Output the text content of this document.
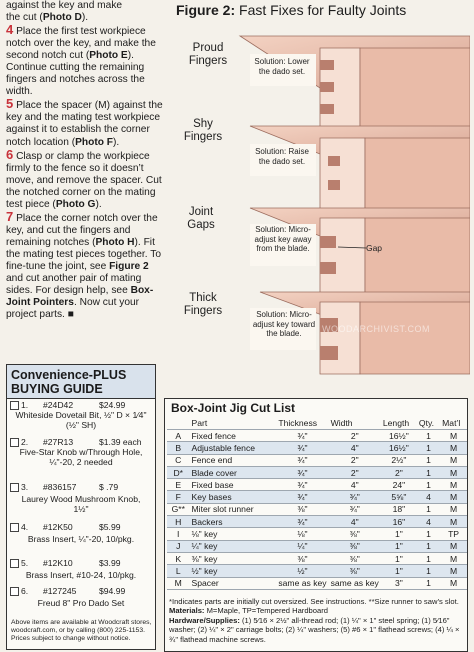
against the key and make
the cut (Photo D).

4 Place the first test workpiece notch over the key, and make the second notch cut (Photo E). Continue cutting the remaining fingers and notches across the width.

5 Place the spacer (M) against the key and the mating test workpiece against it to establish the corner notch location (Photo F).

6 Clasp or clamp the workpiece firmly to the fence so it doesn’t move, and remove the spacer. Cut the notched corner on the mating test piece (Photo G).

7 Place the corner notch over the key, and cut the fingers and remaining notches (Photo H). Fit the mating test pieces together. To fine-tune the joint, see Figure 2 and cut another pair of mating sides. For design help, see Box-Joint Pointers. Now cut your project parts. ■

Figure 2: Fast Fixes for Faulty Joints
Proud Fingers	Solution: Lower the dado set.
Shy Fingers
Solution: Raise the dado set.
Joint Gaps	Solution: Micro-adjust key away from the blade.	Gap
Thick Fingers	Solution: Micro-adjust key toward the blade.	WOODARCHIVIST.COM
Convenience-PLUS
BUYING GUIDE
1. #24D42	$24.99
Whiteside Dovetail Bit, ½" D × 1⁄4" (½" SH)
2. #27R13	$1.39 each
Five-Star Knob w/Through Hole, ¼"-20, 2 needed
3. #836157	$ .79
Laurey Wood Mushroom Knob, 1½"
4. #12K50	$5.99
Brass Insert, ¼"-20, 10/pkg.
5. #12K10	$3.99
Brass Insert, #10-24, 10/pkg.
6. #127245	$94.99
Freud 8" Pro Dado Set
Above items are available at Woodcraft stores, woodcraft.com, or by calling (800) 225-1153. Prices subject to change without notice.
Box-Joint Jig Cut List
	Part	Thickness	Width	Length	Qty.	Mat’l
A	Fixed fence	¾"	2"	16½"	1	M
B	Adjustable fence	¾"	4"	16½"	1	M
C	Fence end	¾"	2"	2½"	1	M
D*	Blade cover	¾"	2"	2"	1	M
E	Fixed base	¾"	4"	24"	1	M
F	Key bases	¾"	¾"	5⅝"	4	M
G**	Miter slot runner	⅜"	¾"	18"	1	M
H	Backers	¾"	4"	16"	4	M
I	⅛" key	⅛"	⅜"	1"	1	TP
J	¼" key	¼"	⅜"	1"	1	M
K	⅜" key	⅜"	⅜"	1"	1	M
L	½" key	½"	⅜"	1"	1	M
M	Spacer	same as key	same as key	3"	1	M
*Indicates parts are initially cut oversized. See instructions. **Size runner to saw’s slot.
Materials: M=Maple, TP=Tempered Hardboard
Hardware/Supplies: (1) 5⁄16 × 2½" all-thread rod; (1) ¼" × 1" steel spring; (1) 5⁄16" washer; (2) ¼" × 2" carriage bolts; (2) ¼" washers; (5) #6 × 1" flathead screws; (4) ¼ × ¾" flathead machine screws.
